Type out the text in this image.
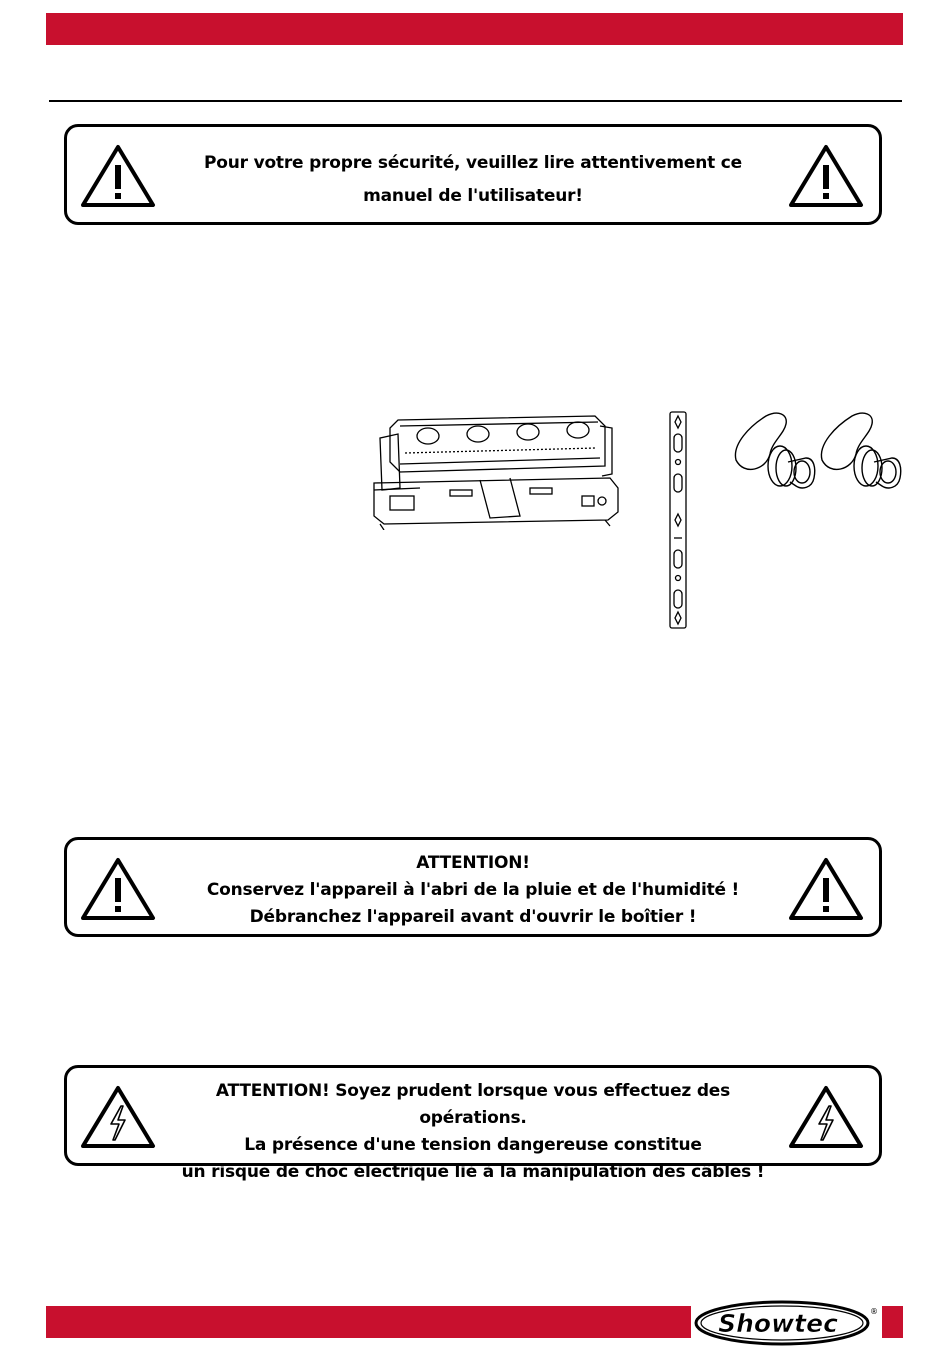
Pour votre propre sécurité, veuillez lire attentivement ce manuel de l'utilisateur!
ATTENTION!
Conservez l'appareil à l'abri de la pluie et de l'humidité !
Débranchez l'appareil avant d'ouvrir le boîtier !
ATTENTION! Soyez prudent lorsque vous effectuez des opérations.
La présence d'une tension dangereuse constitue
un risque de choc électrique lié à la manipulation des câbles !
Showtec	®
